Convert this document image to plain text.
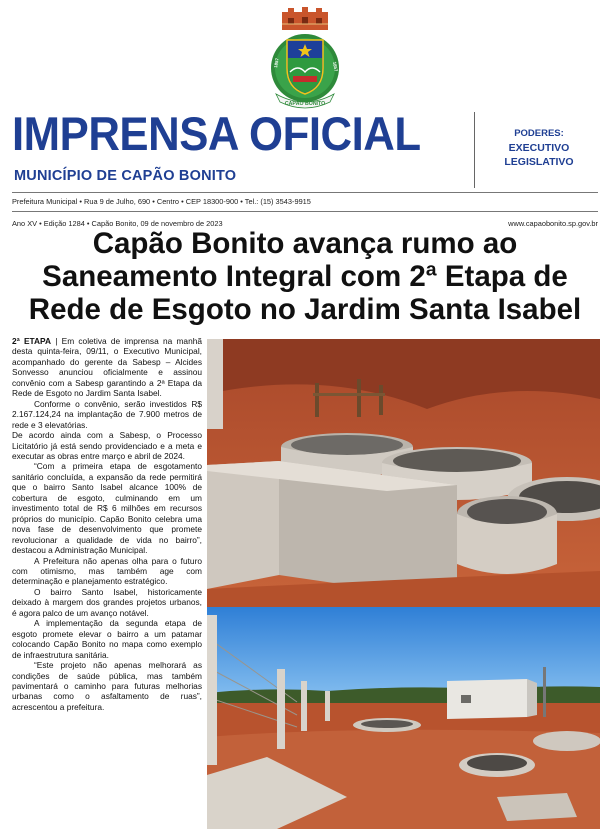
CAPÃO BONITO
1857	1857
IMPRENSA OFICIAL
MUNICÍPIO DE CAPÃO BONITO
PODERES:
EXECUTIVO
LEGISLATIVO
Prefeitura Municipal • Rua 9 de Julho, 690 • Centro • CEP 18300-900 • Tel.: (15) 3543-9915
Ano XV • Edição 1284 • Capão Bonito, 09 de novembro de 2023	www.capaobonito.sp.gov.br
Capão Bonito avança rumo ao Saneamento Integral com 2ª Etapa de Rede de Esgoto no Jardim Santa Isabel

2ª ETAPA | Em coletiva de imprensa na manhã desta quinta-feira, 09/11, o Executivo Municipal, acompanhado do gerente da Sabesp – Alcides Sonvesso anunciou oficialmente e assinou convênio com a Sabesp garantindo a 2ª Etapa da Rede de Esgoto no Jardim Santa Isabel.

Conforme o convênio, serão investidos R$ 2.167.124,24 na implantação de 7.900 metros de rede e 3 elevatórias.

De acordo ainda com a Sabesp, o Processo Licitatório já está sendo providenciado e a meta e executar as obras entre março e abril de 2024.

“Com a primeira etapa de esgotamento sanitário concluída, a expansão da rede permitirá que o bairro Santo Isabel alcance 100% de cobertura de esgoto, culminando em um investimento total de R$ 6 milhões em recursos próprios do município. Capão Bonito celebra uma nova fase de desenvolvimento que promete revolucionar a qualidade de vida no bairro”, destacou a Administração Municipal.

A Prefeitura não apenas olha para o futuro com otimismo, mas também age com determinação e planejamento estratégico.

O bairro Santo Isabel, historicamente deixado à margem dos grandes projetos urbanos, é agora palco de um avanço notável.

A implementação da segunda etapa de esgoto promete elevar o bairro a um patamar colocando Capão Bonito no mapa como exemplo de infraestrutura sanitária.

“Este projeto não apenas melhorará as condições de saúde pública, mas também pavimentará o caminho para futuras melhorias urbanas como o asfaltamento de ruas”, acrescentou a prefeitura.
